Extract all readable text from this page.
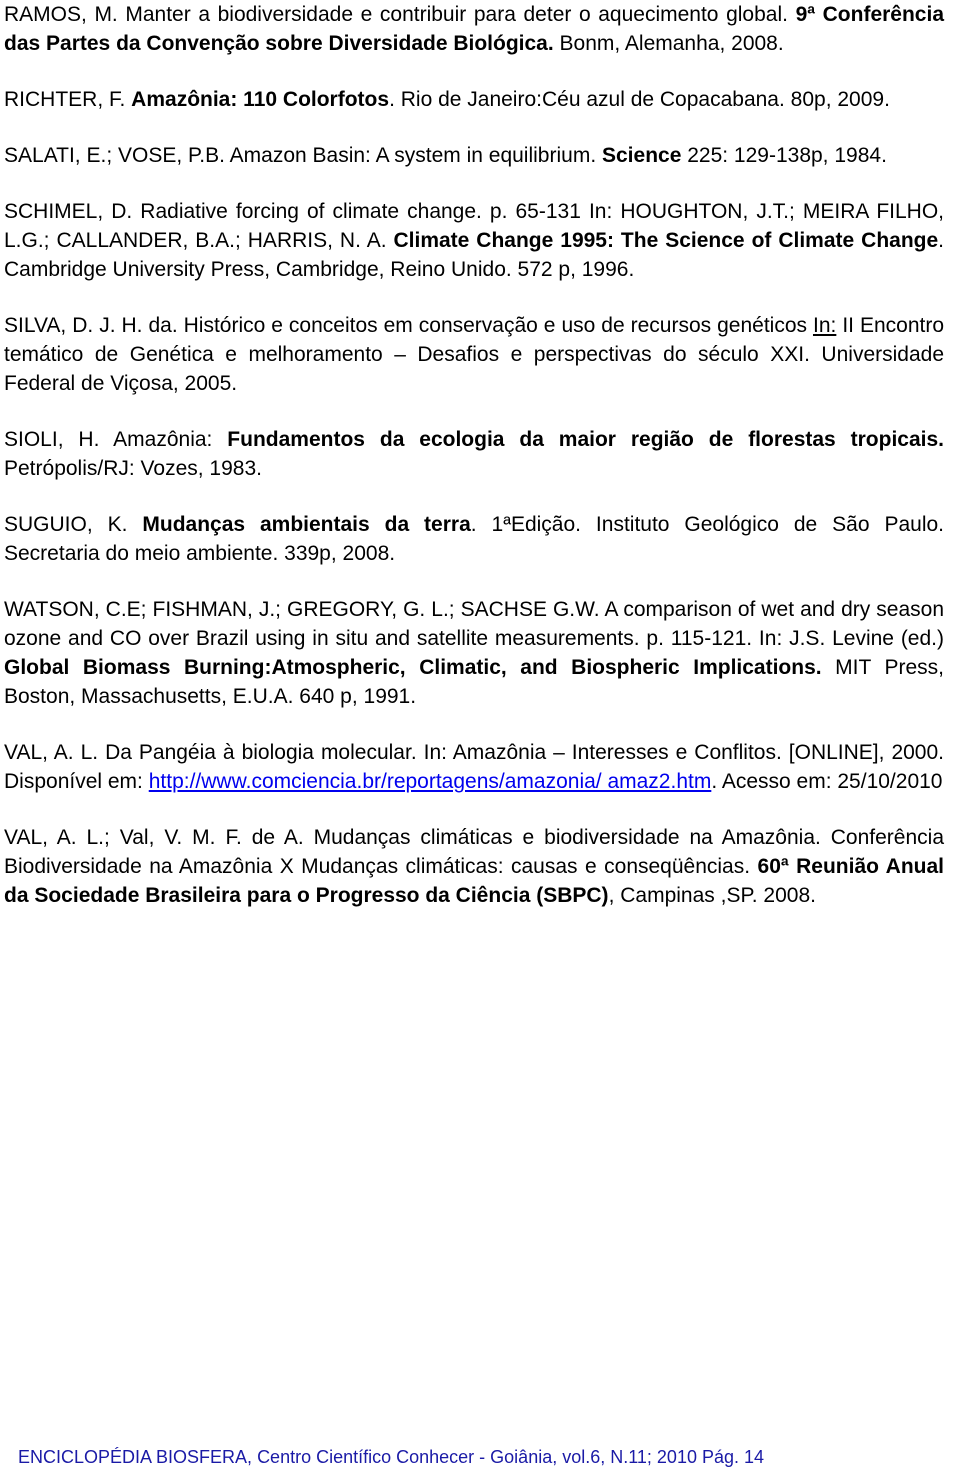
RAMOS, M. Manter a biodiversidade e contribuir para deter o aquecimento global. 9ª Conferência das Partes da Convenção sobre Diversidade Biológica. Bonm, Alemanha, 2008.

RICHTER, F. Amazônia: 110 Colorfotos. Rio de Janeiro:Céu azul de Copacabana. 80p, 2009.

SALATI, E.; VOSE, P.B. Amazon Basin: A system in equilibrium. Science 225: 129-138p, 1984.

SCHIMEL, D. Radiative forcing of climate change. p. 65-131 In: HOUGHTON, J.T.; MEIRA FILHO, L.G.; CALLANDER, B.A.; HARRIS, N. A. Climate Change 1995: The Science of Climate Change. Cambridge University Press, Cambridge, Reino Unido. 572 p, 1996.

SILVA, D. J. H. da. Histórico e conceitos em conservação e uso de recursos genéticos In: II Encontro temático de Genética e melhoramento – Desafios e perspectivas do século XXI. Universidade Federal de Viçosa, 2005.

SIOLI, H. Amazônia: Fundamentos da ecologia da maior região de florestas tropicais. Petrópolis/RJ: Vozes, 1983.

SUGUIO, K. Mudanças ambientais da terra. 1ªEdição. Instituto Geológico de São Paulo. Secretaria do meio ambiente. 339p, 2008.

WATSON, C.E; FISHMAN, J.; GREGORY, G. L.; SACHSE G.W. A comparison of wet and dry season ozone and CO over Brazil using in situ and satellite measurements. p. 115-121. In: J.S. Levine (ed.) Global Biomass Burning:Atmospheric, Climatic, and Biospheric Implications. MIT Press, Boston, Massachusetts, E.U.A. 640 p, 1991.

VAL, A. L. Da Pangéia à biologia molecular. In: Amazônia – Interesses e Conflitos. [ONLINE], 2000. Disponível em: http://www.comciencia.br/reportagens/amazonia/ amaz2.htm. Acesso em: 25/10/2010

VAL, A. L.; Val, V. M. F. de A. Mudanças climáticas e biodiversidade na Amazônia. Conferência Biodiversidade na Amazônia X Mudanças climáticas: causas e conseqüências. 60ª Reunião Anual da Sociedade Brasileira para o Progresso da Ciência (SBPC), Campinas ,SP. 2008.

ENCICLOPÉDIA BIOSFERA, Centro Científico Conhecer - Goiânia, vol.6, N.11; 2010 Pág. 14
